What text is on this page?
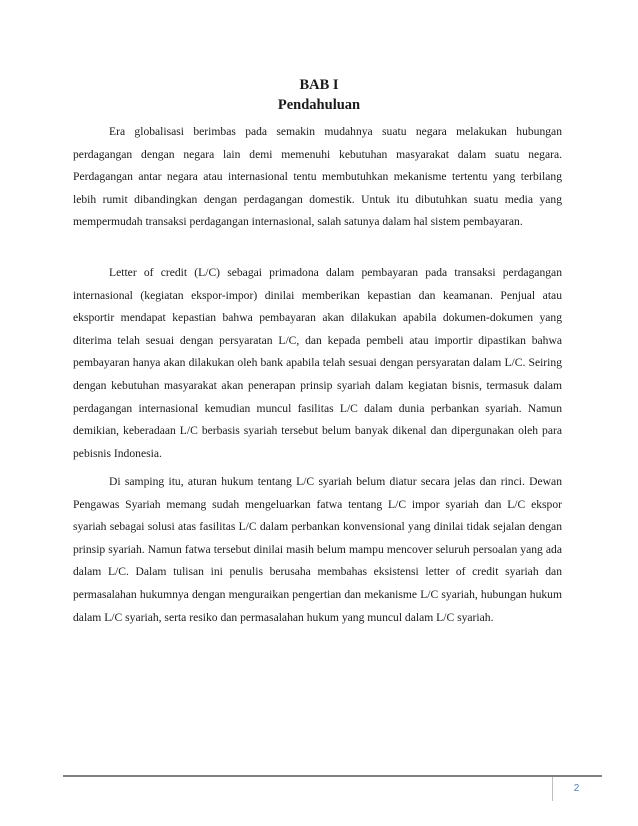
BAB I
Pendahuluan

Era globalisasi berimbas pada semakin mudahnya suatu negara melakukan hubungan perdagangan dengan negara lain demi memenuhi kebutuhan masyarakat dalam suatu negara. Perdagangan antar negara atau internasional tentu membutuhkan mekanisme tertentu yang terbilang lebih rumit dibandingkan dengan perdagangan domestik. Untuk itu dibutuhkan suatu media yang mempermudah transaksi perdagangan internasional, salah satunya dalam hal sistem pembayaran.

Letter of credit (L/C) sebagai primadona dalam pembayaran pada transaksi perdagangan internasional (kegiatan ekspor-impor) dinilai memberikan kepastian dan keamanan. Penjual atau eksportir mendapat kepastian bahwa pembayaran akan dilakukan apabila dokumen-dokumen yang diterima telah sesuai dengan persyaratan L/C, dan kepada pembeli atau importir dipastikan bahwa pembayaran hanya akan dilakukan oleh bank apabila telah sesuai dengan persyaratan dalam L/C. Seiring dengan kebutuhan masyarakat akan penerapan prinsip syariah dalam kegiatan bisnis, termasuk dalam perdagangan internasional kemudian muncul fasilitas L/C dalam dunia perbankan syariah. Namun demikian, keberadaan L/C berbasis syariah tersebut belum banyak dikenal dan dipergunakan oleh para pebisnis Indonesia.

Di samping itu, aturan hukum tentang L/C syariah belum diatur secara jelas dan rinci. Dewan Pengawas Syariah memang sudah mengeluarkan fatwa tentang L/C impor syariah dan L/C ekspor syariah sebagai solusi atas fasilitas L/C dalam perbankan konvensional yang dinilai tidak sejalan dengan prinsip syariah. Namun fatwa tersebut dinilai masih belum mampu mencover seluruh persoalan yang ada dalam L/C. Dalam tulisan ini penulis berusaha membahas eksistensi letter of credit syariah dan permasalahan hukumnya dengan menguraikan pengertian dan mekanisme L/C syariah, hubungan hukum dalam L/C syariah, serta resiko dan permasalahan hukum yang muncul dalam L/C syariah.

2
